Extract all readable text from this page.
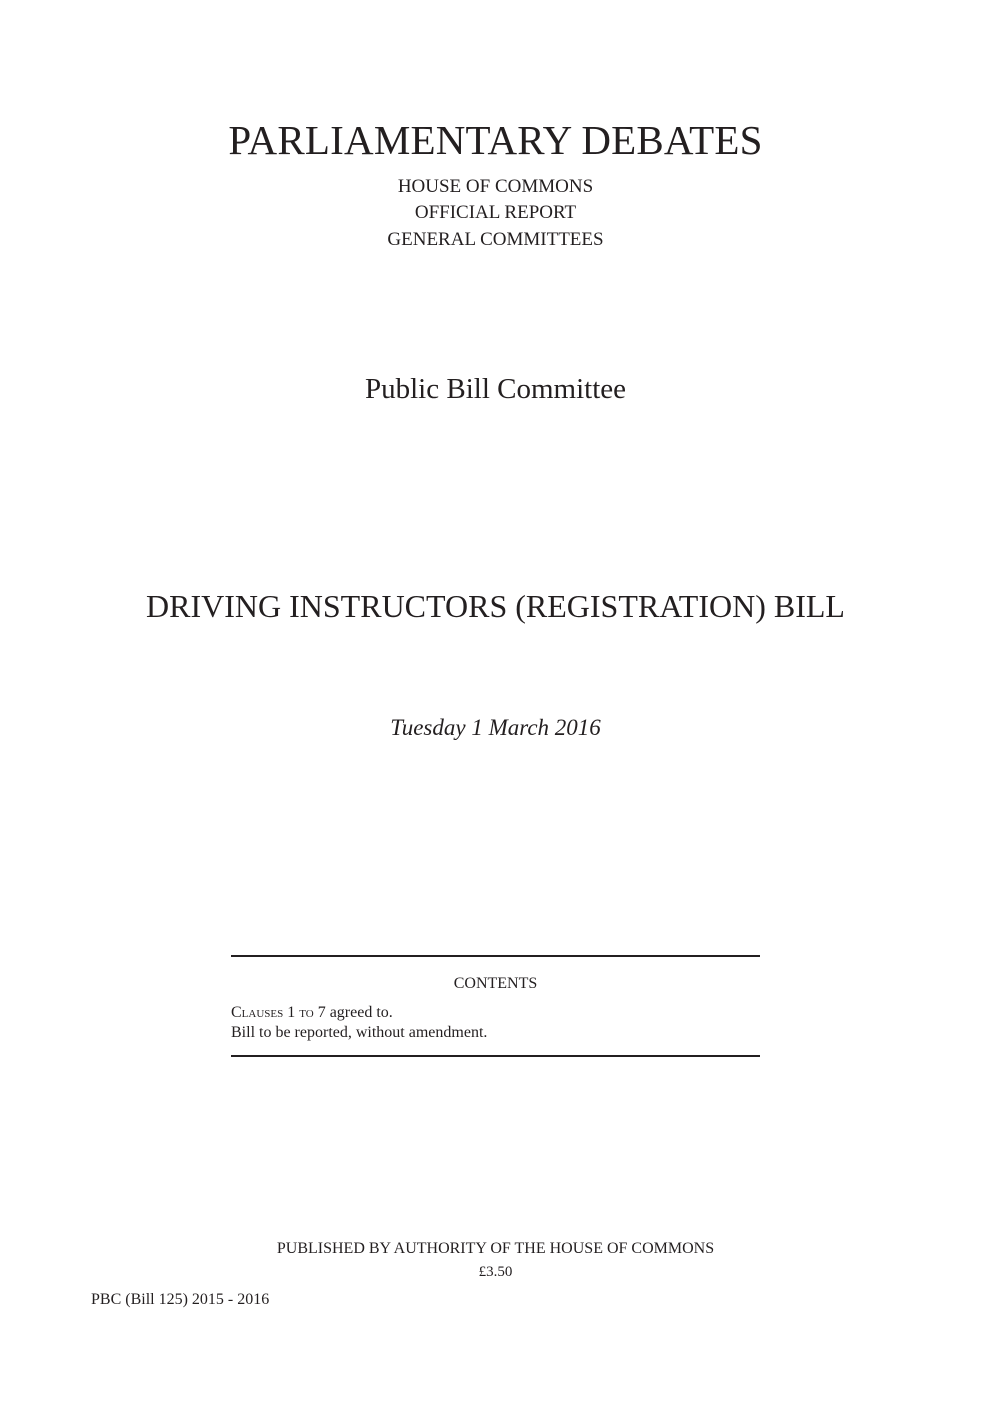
PARLIAMENTARY DEBATES
HOUSE OF COMMONS
OFFICIAL REPORT
GENERAL COMMITTEES
Public Bill Committee
DRIVING INSTRUCTORS (REGISTRATION) BILL
Tuesday 1 March 2016
CONTENTS
Clauses 1 to 7 agreed to.
Bill to be reported, without amendment.
PUBLISHED BY AUTHORITY OF THE HOUSE OF COMMONS
£3.50
PBC (Bill 125) 2015 - 2016
